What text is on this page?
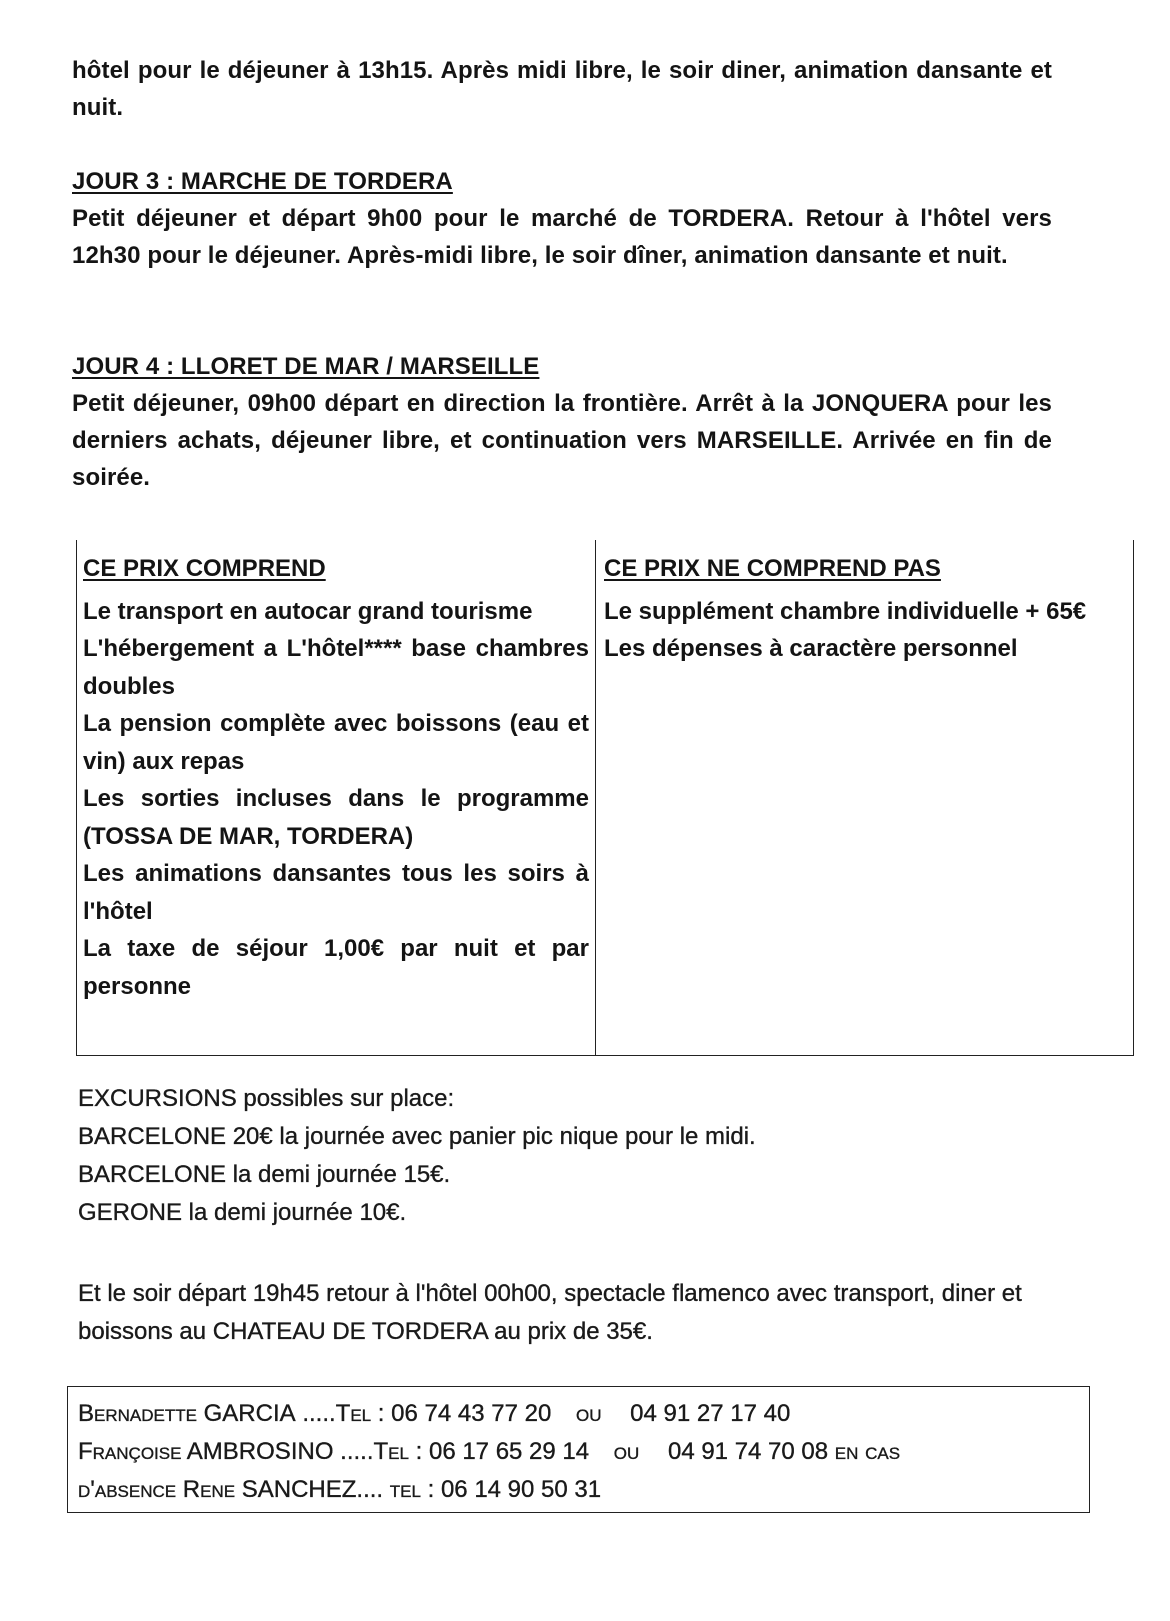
hôtel pour le déjeuner à 13h15. Après midi libre, le soir diner, animation dansante et nuit.

JOUR 3 : MARCHE DE TORDERA

Petit déjeuner et départ 9h00 pour le marché de TORDERA. Retour à l'hôtel vers 12h30 pour le déjeuner. Après-midi libre, le soir dîner, animation dansante et nuit.

JOUR 4 : LLORET DE MAR / MARSEILLE

Petit déjeuner, 09h00 départ en direction la frontière. Arrêt à la JONQUERA pour les derniers achats, déjeuner libre, et continuation vers MARSEILLE. Arrivée en fin de soirée.

CE PRIX COMPREND
Le transport en autocar grand tourisme
L'hébergement a L'hôtel**** base chambres doubles
La pension complète avec boissons (eau et vin) aux repas
Les sorties incluses dans le programme (TOSSA DE MAR, TORDERA)
Les animations dansantes tous les soirs à l'hôtel
La taxe de séjour 1,00€ par nuit et par personne
CE PRIX NE COMPREND PAS
Le supplément chambre individuelle + 65€
Les dépenses à caractère personnel
EXCURSIONS possibles sur place:
BARCELONE 20€ la journée avec panier pic nique pour le midi.
BARCELONE la demi journée 15€.
GERONE la demi journée 10€.
Et le soir départ 19h45 retour à l'hôtel 00h00, spectacle flamenco avec transport, diner et boissons au CHATEAU DE TORDERA au prix de 35€.
Bernadette GARCIA .....Tel : 06 74 43 77 20 ou 04 91 27 17 40
Françoise AMBROSINO .....Tel : 06 17 65 29 14 ou 04 91 74 70 08 en cas
d'absence Rene SANCHEZ.... tel : 06 14 90 50 31
